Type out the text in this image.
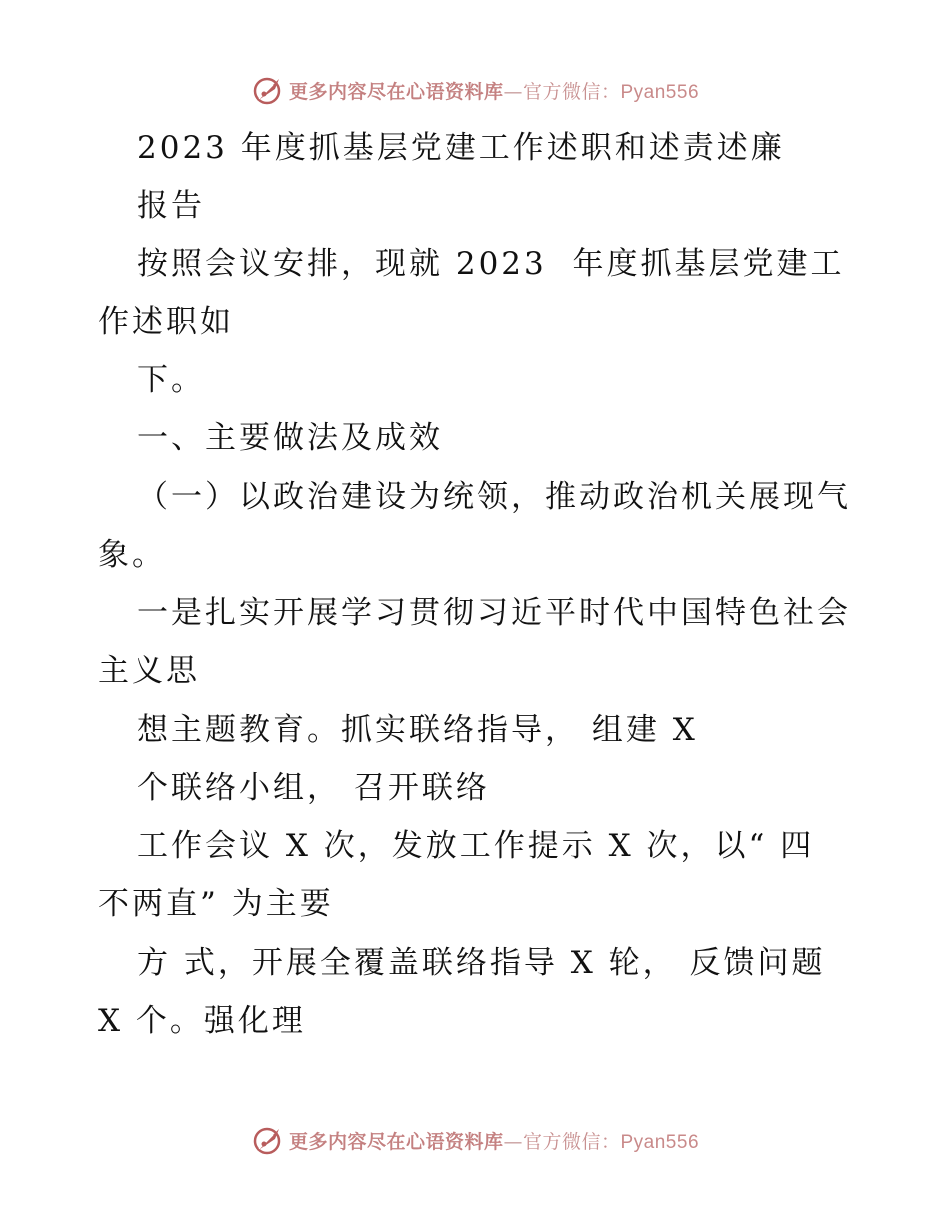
更多内容尽在心语资料库—官方微信：Pyan556
2023 年度抓基层党建工作述职和述责述廉
报告
按照会议安排，现就 2023  年度抓基层党建工
作述职如
下。
一、主要做法及成效
（一）以政治建设为统领，推动政治机关展现气
象。
一是扎实开展学习贯彻习近平时代中国特色社会
主义思
想主题教育。抓实联络指导， 组建 X
个联络小组， 召开联络
工作会议 X 次，发放工作提示 X 次，以“ 四
不两直” 为主要
方 式，开展全覆盖联络指导 X 轮， 反馈问题
X 个。强化理
更多内容尽在心语资料库—官方微信：Pyan556
